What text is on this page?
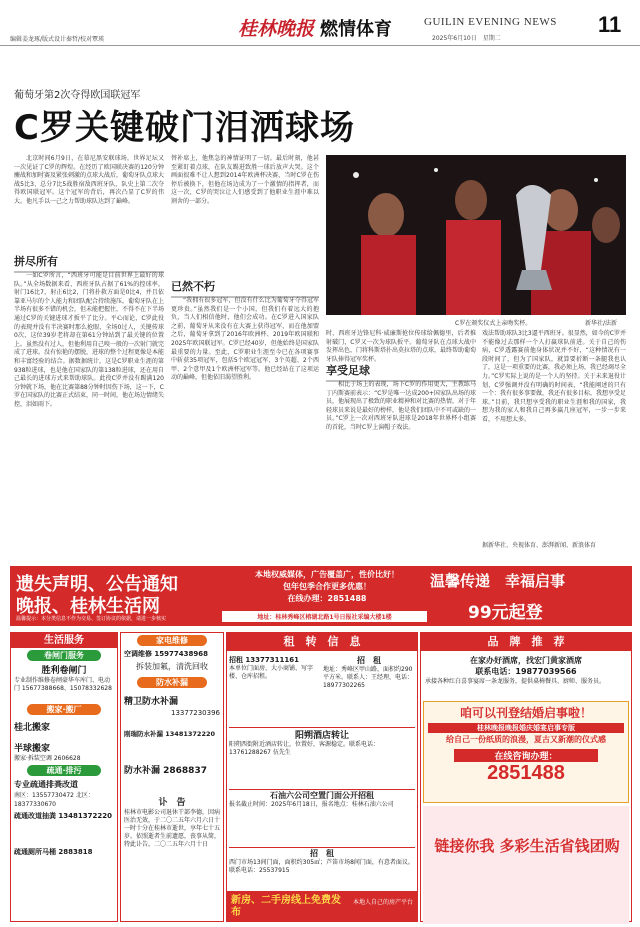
编辑姜龙琢/版式设计秦哲/校对覃瑛	桂林晚报 燃情体育	GUILIN EVENING NEWS
2025年6月10日　星期二
11
葡萄牙第2次夺得欧国联冠军
C罗关键破门泪洒球场
北京时间6月9日，在慕尼黑安联球场，世界足坛又一次见证了C罗的辉煌。在经历了欧国联决赛的120分钟鏖战和加时赛及紧张刺激的点球大战后，葡萄牙队点球大战5比3、总分7比5战胜宿敌西班牙队，队史上第二次夺得欧国联冠军。这个冠军的背后，再次凸显了C罗的伟大。他凡手以一己之力帮助球队达到了巅峰。
拼尽所有
一如C罗所言，“西班牙可能是目前世界上最好的球队。”从全场数据来看，西班牙队占据了61%的控球率，射门16比7，射正6比2，门将扑救方面是0比4，并且依靠亚马尔的个人能力和团队配合持续施压。葡萄牙队在上半场有很多不错的机会，但未能把握住，不得不在下半场通过C罗的关键进球才扳平了比分。平心而论，C罗此役的表现并没有半决赛时那么抢眼，全场0过人，关键传球0次，这位39岁老将却在第61分钟站到了最关键的位置上。虽然没有过人，但他利用自己嗅一般的一次射门就完成了进球。没有惊艳的摆脱，进球的整个过程更像是本能和丰富经验的结合。据数据统计，这是C罗职业生涯的第938粒进球，也是他在国家队的第138粒进球，还在用自己最长的进球方式来帮助球队。此役C罗并没有踢满120分钟就下场，他在比赛第88分钟时因伤下场，这一下，C罗在国家队的比赛正式结束，同一时间，他在场边情绪失控，泪如雨下。
替补席上，他焦急的神情证明了一切。最后时刻，他甚至紧盯着点球，在队友踢进致胜一球后放声大哭。这个画面很难不让人想到2014年欧洲杯决赛，当时C罗在伤停后被换下，但他在场边成为了一个激情的指挥者，而这一次，C罗的哭泣让人们感受到了他职业生涯中难以割舍的一部分。
已然不朽
“我拥有很多冠军，但没有什么比为葡萄牙夺得冠军更珍贵。”虽然我们是一个小国，但我们有着远大的抱负，当人们相信他时，他们会成功。在C罗进入国家队之前，葡萄牙从来没有在大赛上获得冠军，而在他加盟之后，葡萄牙拿到了2016年欧洲杯、2019年欧国联和2025年欧国联冠军。C罗已经40岁，但他始终是国家队最重要的力量。至此，C罗职业生涯至今已在各项赛事中斩获35项冠军，包括5个欧冠冠军、3个英超、2个西甲、2个意甲及1个欧洲杯冠军等。他已经站在了这项运动的巅峰，但他依旧渴望胜利。
C罗在颁奖仪式上亲吻奖杯。	新华社/法新
时，西班牙边锋尼科·威廉斯抢位传球给佩德里，后者推射破门，C罗又一次为球队扳平。葡萄牙队在点球大战中发挥出色，门将科斯塔扑出莫拉塔的点球，最终帮助葡萄牙队捧得冠军奖杯。
享受足球
相比于场上的表现，场下C罗的作用更大，主教练马丁内斯赛前表示：“C罗是唯一达成200+国家队出场的球员，他展现出了极致的职业精神和对比赛的热情，对于年轻球员来说是最好的榜样，他是我们团队中不可或缺的一员。”C罗上一次对西班牙队进球是2018年世界杯小组赛的首轮，当时C罗上演帽子戏法。
戏法帮助球队3比3逼平西班牙。很显然，如今的C罗并不能像过去那样一个人打赢球队前进。关于自己的伤病，C罗透露赛前他身体状况并不好，“这种情况有一段时间了，但为了国家队，就算要折断一条腿我也认了，这是一项重要的比赛，我必须上场，我已经竭尽全力。”C罗实际上说的是一个人的坚持。关于未来退役计划，C罗强调并没有明确的时间表，“我能阐述的只有一个：我有很多事要做，我还有很多目标，我想享受足球。”目前，我只想享受我的职业生涯和我的国家，我想为我的家人和我自己再多赢几座冠军，一步一步来看，不用想太多。
据新华社、央视体育、澎湃新闻、新浪体育
遗失声明、公告通知
晚报、桂林生活网
温馨提示：本分类信息不作为交易、签订协议的依据，请进一步核实
本地权威媒体，广告覆盖广，性价比好！
包年包季合作更多优惠！
在线办理：2851488
地址：桂林秀峰区榕湖北路1号日报社采编大楼1楼
温馨传递　幸福启事
99元起登
生活服务
卷闸门服务
胜利卷闸门
专业制作维修卷闸豪华车库门、电动门 15677388668、15078332628
搬家·搬厂
桂北搬家
半球搬家
搬家·拆装空调 2606628
疏通·排污
专业疏通排粪改道
南区：13557730472 北区：18377330670
疏通改道抽粪 13481372220
疏通厕所马桶 2883818
家电维修
空调维修 15977438968
拆装加氟，清洗回收
防水补漏
精卫防水补漏
13377230396
刚瑞防水补漏 13481372220
防水补漏 2868837
讣　告
桂林市电影公司退休干部李德，因病医治无效，于二〇二五年六月六日十一时十分在桂林市逝世，享年七十五岁。依照逝者生前遗愿，丧事从简，特此讣告。二〇二五年六月十日
租　转　信　息
招租 13377311161
本单位门面房、大小商铺、写字楼、仓库招租。
招　租
地址：秀峰区甲山路，面积约290平方米。联系人：王经理，电话：18977302265
阳朔酒店转让
阳朔西街附近酒店转让，位置好，客源稳定。联系电话：13761288267 伍先生
石油六公司空置门面公开招租
报名截止时间：2025年6月18日，报名地点：桂林石油六公司
招　租
西门市场13间门面，面积约305㎡；芦笛市场8间门面，有意者面议。联系电话：25537915
新房、二手房线上免费发布
本地人自己的房产平台
品　牌　推　荐
在家办好酒席，找宏门黄家酒席
联系电话：19877039566
承接各种红白喜事宴席一条龙服务，提供桌椅餐具、厨师、服务员。
咱可以刊登结婚启事啦！
桂林晚报晚报婚庆婚宴启事专版
给自己一份纸质的浪漫，夏古又新潮的仪式感
在线咨询办理：
2851488
链接你我 多彩生活省钱团购
